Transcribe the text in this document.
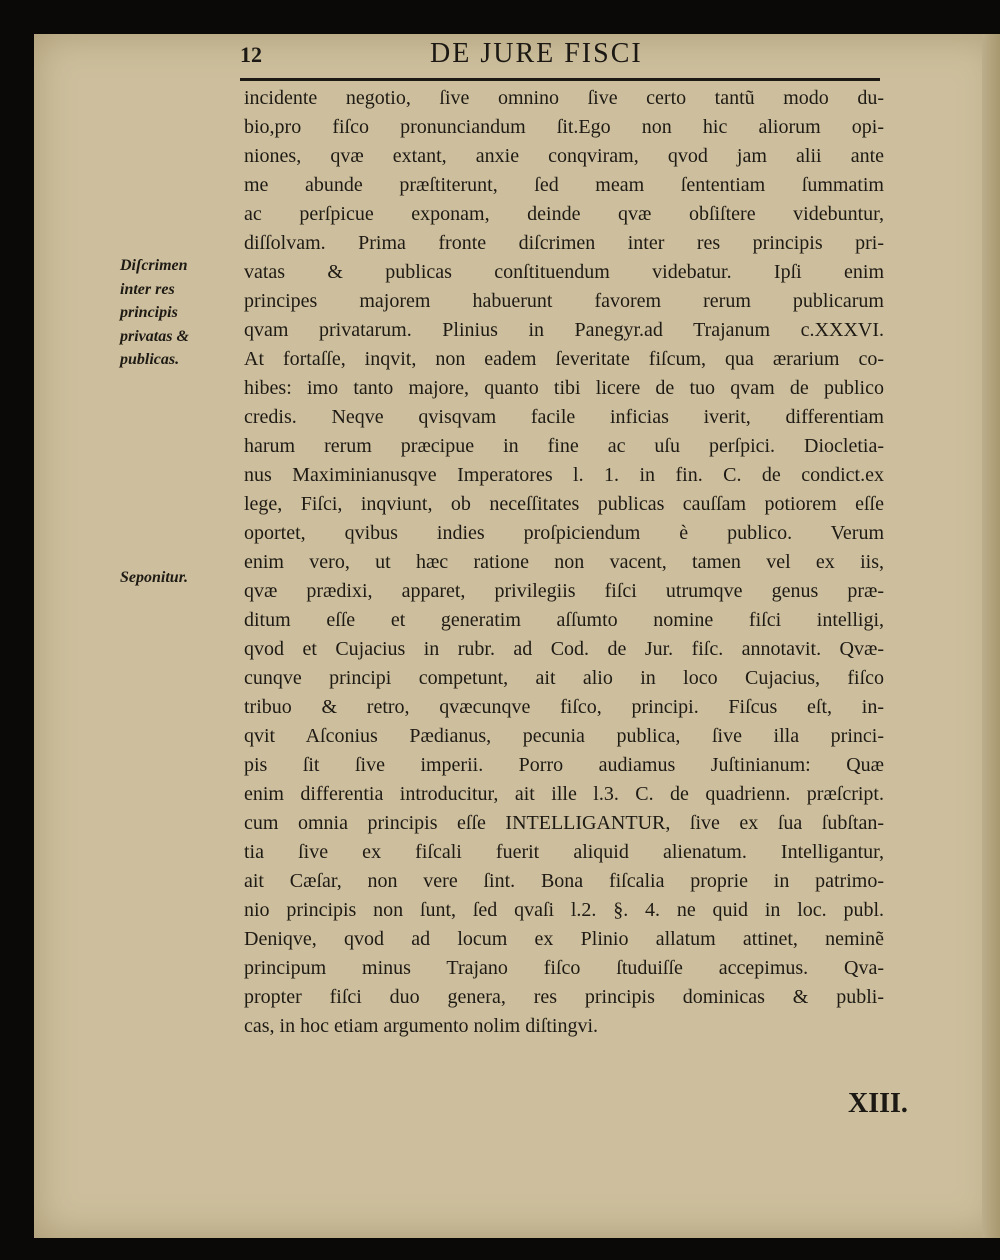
12	DE JURE FISCI
Diſcrimen
inter res
principis
privatas &
publicas.
Seponitur.
incidente negotio, ſive omnino ſive certo tantũ modo du-
bio,pro fiſco pronunciandum ſit.Ego non hic aliorum opi-
niones, qvæ extant, anxie conqviram, qvod jam alii ante
me abunde præſtiterunt, ſed meam ſententiam ſummatim
ac perſpicue exponam, deinde qvæ obſiſtere videbuntur,
diſſolvam. Prima fronte diſcrimen inter res principis pri-
vatas & publicas conſtituendum videbatur. Ipſi enim
principes majorem habuerunt favorem rerum publicarum
qvam privatarum. Plinius in Panegyr.ad Trajanum c.XXXVI.
At fortaſſe, inqvit, non eadem ſeveritate fiſcum, qua ærarium co-
hibes: imo tanto majore, quanto tibi licere de tuo qvam de publico
credis. Neqve qvisqvam facile inficias iverit, differentiam
harum rerum præcipue in fine ac uſu perſpici. Diocletia-
nus Maximinianusqve Imperatores l. 1. in fin. C. de condict.ex
lege, Fiſci, inqviunt, ob neceſſitates publicas cauſſam potiorem eſſe
oportet, qvibus indies proſpiciendum è publico. Verum
enim vero, ut hæc ratione non vacent, tamen vel ex iis,
qvæ prædixi, apparet, privilegiis fiſci utrumqve genus præ-
ditum eſſe et generatim aſſumto nomine fiſci intelligi,
qvod et Cujacius in rubr. ad Cod. de Jur. fiſc. annotavit. Qvæ-
cunqve principi competunt, ait alio in loco Cujacius, fiſco
tribuo & retro, qvæcunqve fiſco, principi. Fiſcus eſt, in-
qvit Aſconius Pædianus, pecunia publica, ſive illa princi-
pis ſit ſive imperii. Porro audiamus Juſtinianum: Quæ
enim differentia introducitur, ait ille l.3. C. de quadrienn. præſcript.
cum omnia principis eſſe INTELLIGANTUR, ſive ex ſua ſubſtan-
tia ſive ex fiſcali fuerit aliquid alienatum. Intelligantur,
ait Cæſar, non vere ſint. Bona fiſcalia proprie in patrimo-
nio principis non ſunt, ſed qvaſi l.2. §. 4. ne quid in loc. publ.
Deniqve, qvod ad locum ex Plinio allatum attinet, neminẽ
principum minus Trajano fiſco ſtuduiſſe accepimus. Qva-
propter fiſci duo genera, res principis dominicas & publi-
cas, in hoc etiam argumento nolim diſtingvi.
XIII.
